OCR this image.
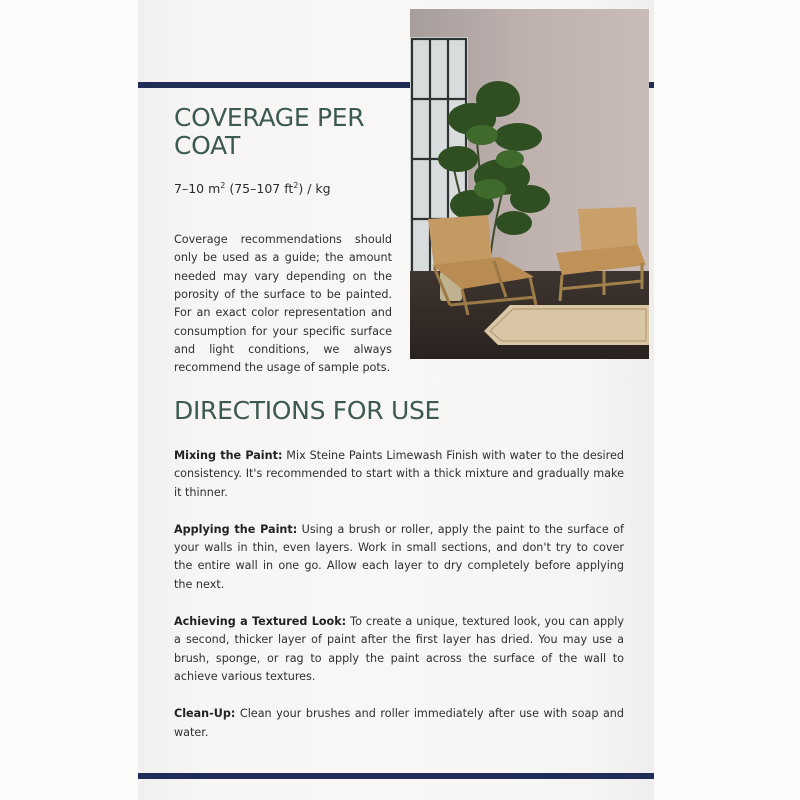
COVERAGE PER COAT
7–10 $m^2$ (75–107 $ft^2$) / kg

Coverage recommendations should only be used as a guide; the amount needed may vary depending on the porosity of the surface to be painted. For an exact color representation and consumption for your specific surface and light conditions, we always recommend the usage of sample pots.

DIRECTIONS FOR USE

Mixing the Paint: Mix Steine Paints Limewash Finish with water to the desired consistency. It's recommended to start with a thick mixture and gradually make it thinner.

Applying the Paint: Using a brush or roller, apply the paint to the surface of your walls in thin, even layers. Work in small sections, and don't try to cover the entire wall in one go. Allow each layer to dry completely before applying the next.

Achieving a Textured Look: To create a unique, textured look, you can apply a second, thicker layer of paint after the first layer has dried. You may use a brush, sponge, or rag to apply the paint across the surface of the wall to achieve various textures.

Clean-Up: Clean your brushes and roller immediately after use with soap and water.
